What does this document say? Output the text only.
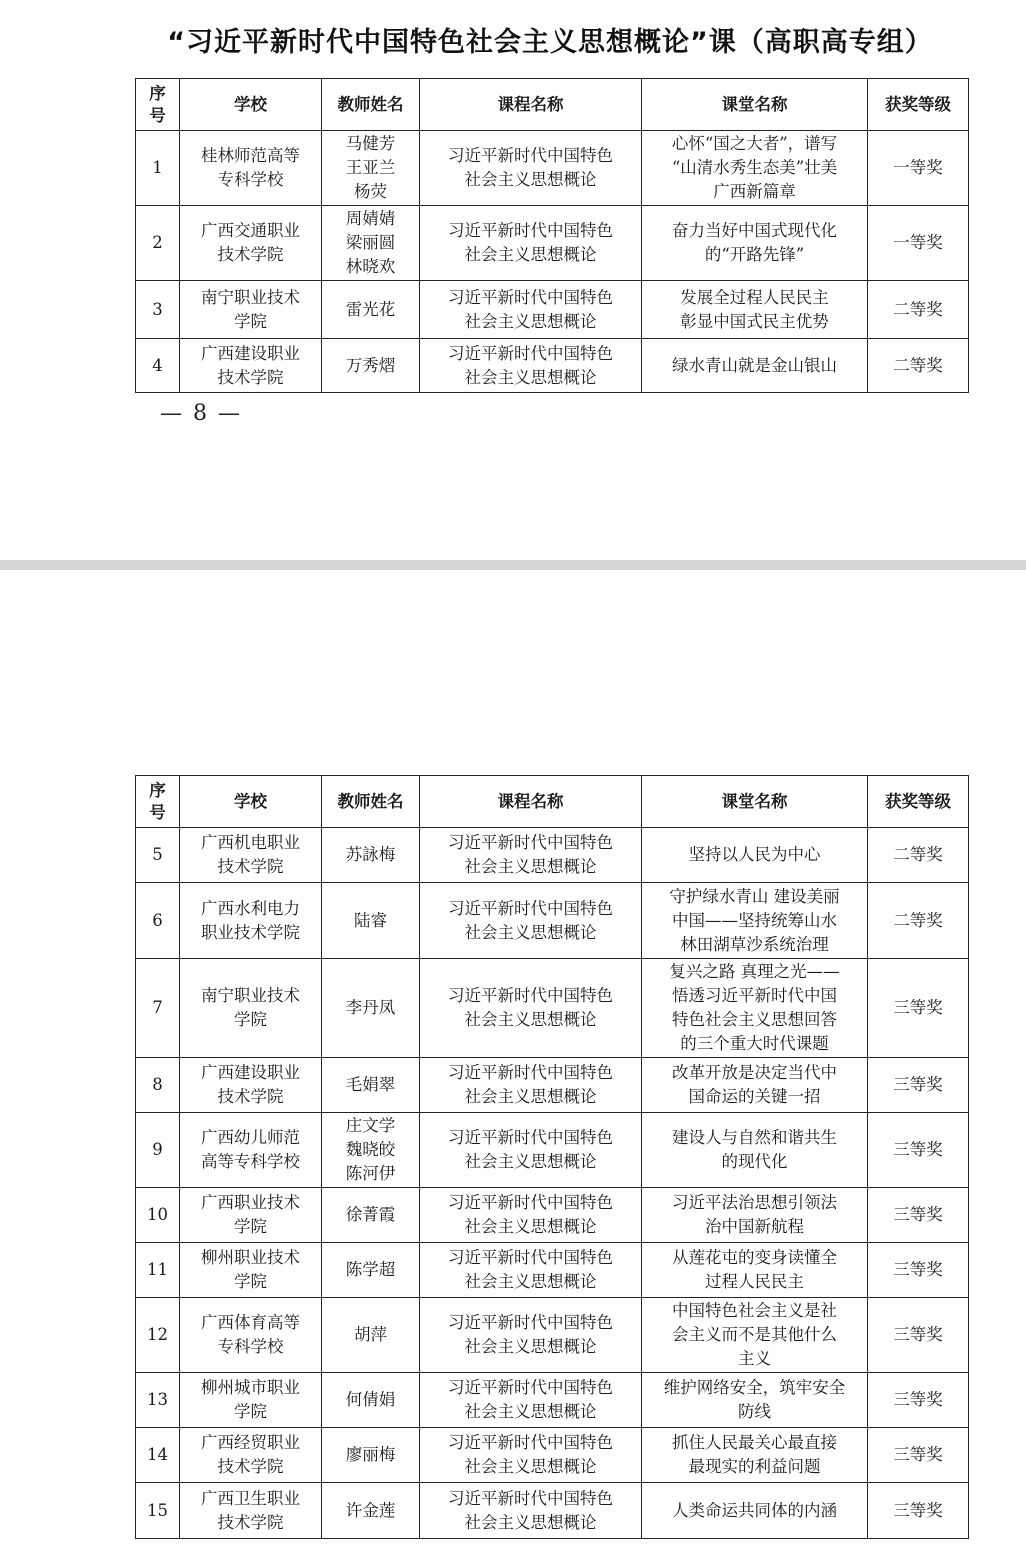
“习近平新时代中国特色社会主义思想概论”课（高职高专组）
序 号	学校	教师姓名	课程名称	课堂名称	获奖等级
1	桂林师范高等
专科学校	马健芳
王亚兰
杨荧	习近平新时代中国特色
社会主义思想概论	心怀“国之大者”，谱写
“山清水秀生态美”壮美
广西新篇章	一等奖
2	广西交通职业
技术学院	周婧婧
梁丽圆
林晓欢	习近平新时代中国特色
社会主义思想概论	奋力当好中国式现代化
的“开路先锋”	一等奖
3	南宁职业技术
学院	雷光花	习近平新时代中国特色
社会主义思想概论	发展全过程人民民主
彰显中国式民主优势	二等奖
4	广西建设职业
技术学院	万秀熠	习近平新时代中国特色
社会主义思想概论	绿水青山就是金山银山	二等奖
— 8 —
序 号	学校	教师姓名	课程名称	课堂名称	获奖等级
5	广西机电职业
技术学院	苏詠梅	习近平新时代中国特色
社会主义思想概论	坚持以人民为中心	二等奖
6	广西水利电力
职业技术学院	陆睿	习近平新时代中国特色
社会主义思想概论	守护绿水青山 建设美丽
中国——坚持统筹山水
林田湖草沙系统治理	二等奖
7	南宁职业技术
学院	李丹凤	习近平新时代中国特色
社会主义思想概论	复兴之路 真理之光——
悟透习近平新时代中国
特色社会主义思想回答
的三个重大时代课题	三等奖
8	广西建设职业
技术学院	毛娟翠	习近平新时代中国特色
社会主义思想概论	改革开放是决定当代中
国命运的关键一招	三等奖
9	广西幼儿师范
高等专科学校	庄文学
魏晓皎
陈河伊	习近平新时代中国特色
社会主义思想概论	建设人与自然和谐共生
的现代化	三等奖
10	广西职业技术
学院	徐菁霞	习近平新时代中国特色
社会主义思想概论	习近平法治思想引领法
治中国新航程	三等奖
11	柳州职业技术
学院	陈学超	习近平新时代中国特色
社会主义思想概论	从莲花屯的变身读懂全
过程人民民主	三等奖
12	广西体育高等
专科学校	胡萍	习近平新时代中国特色
社会主义思想概论	中国特色社会主义是社
会主义而不是其他什么
主义	三等奖
13	柳州城市职业
学院	何倩娟	习近平新时代中国特色
社会主义思想概论	维护网络安全，筑牢安全
防线	三等奖
14	广西经贸职业
技术学院	廖丽梅	习近平新时代中国特色
社会主义思想概论	抓住人民最关心最直接
最现实的利益问题	三等奖
15	广西卫生职业
技术学院	许金莲	习近平新时代中国特色
社会主义思想概论	人类命运共同体的内涵	三等奖
